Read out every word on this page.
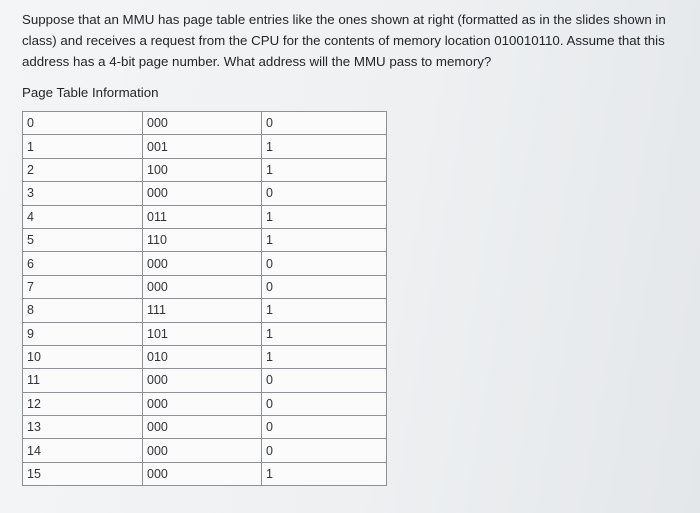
Suppose that an MMU has page table entries like the ones shown at right (formatted as in the slides shown in
class) and receives a request from the CPU for the contents of memory location 010010110. Assume that this
address has a 4-bit page number. What address will the MMU pass to memory?
Page Table Information
0	000	0
1	001	1
2	100	1
3	000	0
4	011	1
5	110	1
6	000	0
7	000	0
8	111	1
9	101	1
10	010	1
11	000	0
12	000	0
13	000	0
14	000	0
15	000	1
